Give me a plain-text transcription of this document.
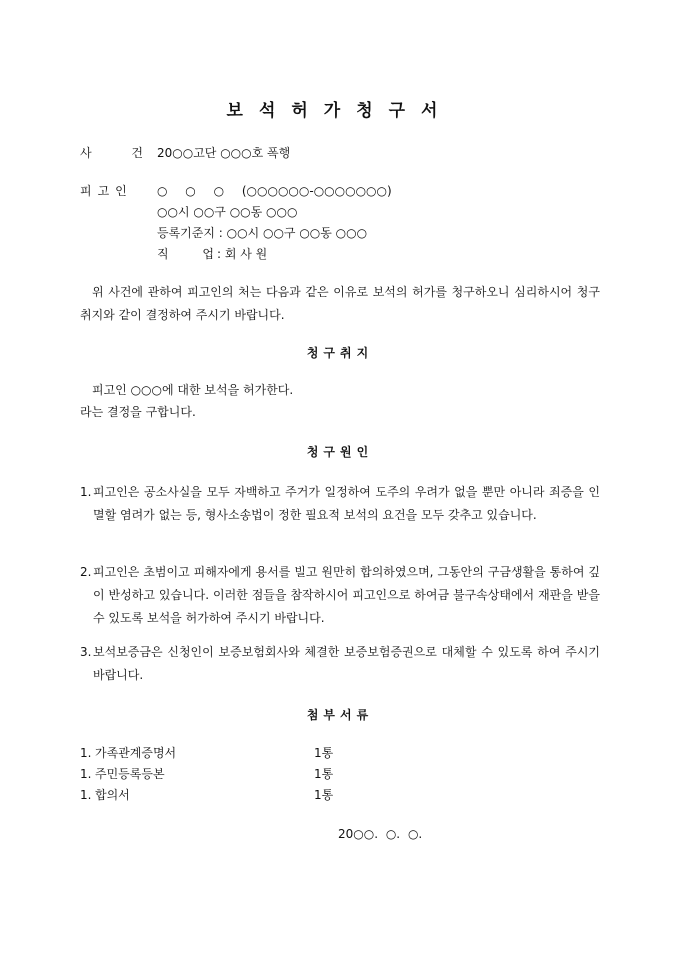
보석허가청구서
사 건
20○○고단 ○○○호 폭행
피고인 ○ ○ ○ (○○○○○○-○○○○○○○)
○○시 ○○구 ○○동 ○○○
등록기준지 : ○○시 ○○구 ○○동 ○○○
직 업 : 회 사 원
위 사건에 관하여 피고인의 처는 다음과 같은 이유로 보석의 허가를 청구하오니 심리하시어 청구취지와 같이 결정하여 주시기 바랍니다.
청구취지
피고인 ○○○에 대한 보석을 허가한다.
라는 결정을 구합니다.
청구원인
1. 피고인은 공소사실을 모두 자백하고 주거가 일정하여 도주의 우려가 없을 뿐만 아니라 죄증을 인멸할 염려가 없는 등, 형사소송법이 정한 필요적 보석의 요건을 모두 갖추고 있습니다.
2. 피고인은 초범이고 피해자에게 용서를 빌고 원만히 합의하였으며, 그동안의 구금생활을 통하여 깊이 반성하고 있습니다. 이러한 점들을 참작하시어 피고인으로 하여금 불구속상태에서 재판을 받을 수 있도록 보석을 허가하여 주시기 바랍니다.
3. 보석보증금은 신청인이 보증보험회사와 체결한 보증보험증권으로 대체할 수 있도록 하여 주시기 바랍니다.
첨부서류
1. 가족관계증명서	1통
1. 주민등록등본	1통
1. 합의서	1통
20○○. ○. ○.
